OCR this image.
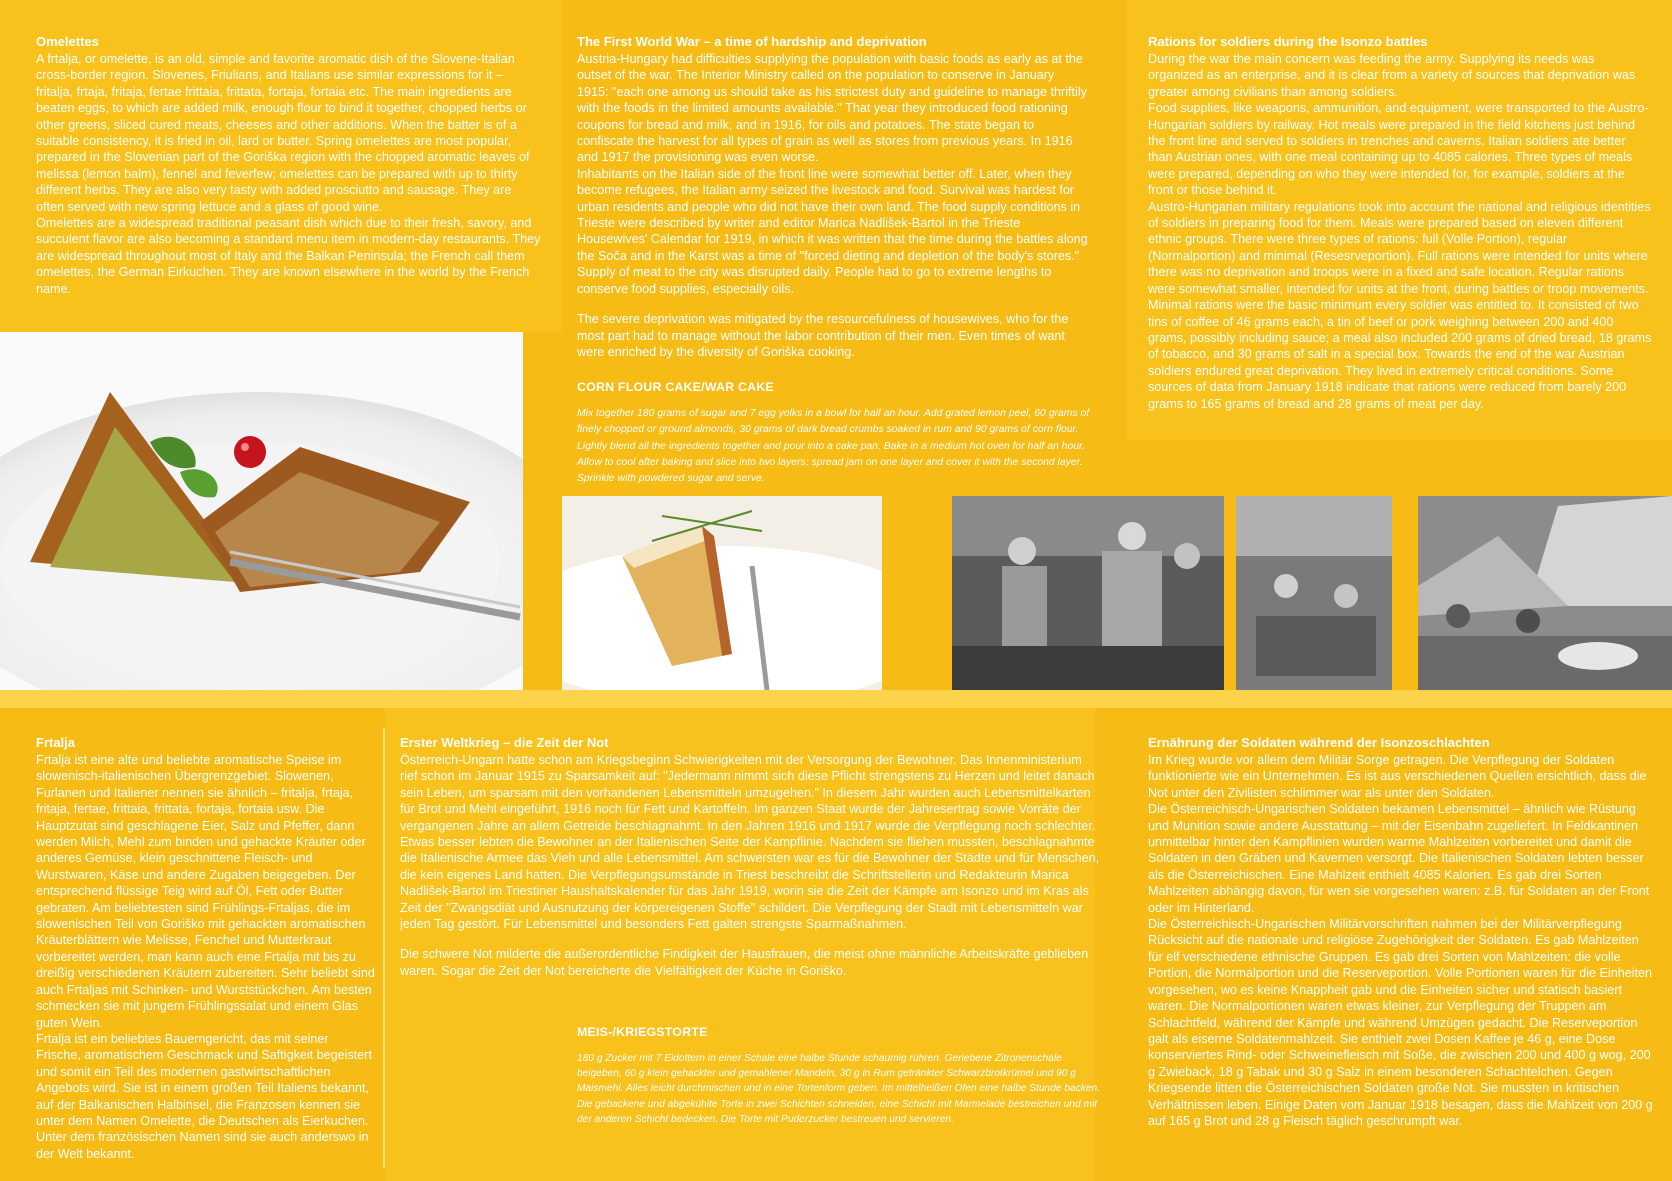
Omelettes

A frtalja, or omelette, is an old, simple and favorite aromatic dish of the Slovene-Italian cross-border region. Slovenes, Friulians, and Italians use similar expressions for it – fritalja, frtaja, fritaja, fertae frittaia, frittata, fortaja, fortaia etc. The main ingredients are beaten eggs, to which are added milk, enough flour to bind it together, chopped herbs or other greens, sliced cured meats, cheeses and other additions. When the batter is of a suitable consistency, it is fried in oil, lard or butter. Spring omelettes are most popular, prepared in the Slovenian part of the Goriška region with the chopped aromatic leaves of melissa (lemon balm), fennel and feverfew; omelettes can be prepared with up to thirty different herbs. They are also very tasty with added prosciutto and sausage. They are often served with new spring lettuce and a glass of good wine.

Omelettes are a widespread traditional peasant dish which due to their fresh, savory, and succulent flavor are also becoming a standard menu item in modern-day restaurants. They are widespread throughout most of Italy and the Balkan Peninsula; the French call them omelettes, the German Eirkuchen. They are known elsewhere in the world by the French name.

The First World War – a time of hardship and deprivation

Austria-Hungary had difficulties supplying the population with basic foods as early as at the outset of the war. The Interior Ministry called on the population to conserve in January 1915: "each one among us should take as his strictest duty and guideline to manage thriftily with the foods in the limited amounts available." That year they introduced food rationing coupons for bread and milk, and in 1916, for oils and potatoes. The state began to confiscate the harvest for all types of grain as well as stores from previous years. In 1916 and 1917 the provisioning was even worse.

Inhabitants on the Italian side of the front line were somewhat better off. Later, when they become refugees, the Italian army seized the livestock and food. Survival was hardest for urban residents and people who did not have their own land. The food supply conditions in Trieste were described by writer and editor Marica Nadlišek-Bartol in the Trieste Housewives' Calendar for 1919, in which it was written that the time during the battles along the Soča and in the Karst was a time of "forced dieting and depletion of the body's stores." Supply of meat to the city was disrupted daily. People had to go to extreme lengths to conserve food supplies, especially oils.

The severe deprivation was mitigated by the resourcefulness of housewives, who for the most part had to manage without the labor contribution of their men. Even times of want were enriched by the diversity of Goriška cooking.

CORN FLOUR CAKE/WAR CAKE

Mix together 180 grams of sugar and 7 egg yolks in a bowl for half an hour. Add grated lemon peel, 60 grams of finely chopped or ground almonds, 30 grams of dark bread crumbs soaked in rum and 90 grams of corn flour. Lightly blend all the ingredients together and pour into a cake pan. Bake in a medium hot oven for half an hour. Allow to cool after baking and slice into two layers; spread jam on one layer and cover it with the second layer. Sprinkle with powdered sugar and serve.

Rations for soldiers during the Isonzo battles

During the war the main concern was feeding the army. Supplying its needs was organized as an enterprise, and it is clear from a variety of sources that deprivation was greater among civilians than among soldiers.

Food supplies, like weapons, ammunition, and equipment, were transported to the Austro-Hungarian soldiers by railway. Hot meals were prepared in the field kitchens just behind the front line and served to soldiers in trenches and caverns. Italian soldiers ate better than Austrian ones, with one meal containing up to 4085 calories. Three types of meals were prepared, depending on who they were intended for, for example, soldiers at the front or those behind it.

Austro-Hungarian military regulations took into account the national and religious identities of soldiers in preparing food for them. Meals were prepared based on eleven different ethnic groups. There were three types of rations: full (Volle Portion), regular (Normalportion) and minimal (Resesrveportion). Full rations were intended for units where there was no deprivation and troops were in a fixed and safe location. Regular rations were somewhat smaller, intended for units at the front, during battles or troop movements. Minimal rations were the basic minimum every soldier was entitled to. It consisted of two tins of coffee of 46 grams each, a tin of beef or pork weighing between 200 and 400 grams, possibly including sauce; a meal also included 200 grams of dried bread, 18 grams of tobacco, and 30 grams of salt in a special box. Towards the end of the war Austrian soldiers endured great deprivation. They lived in extremely critical conditions. Some sources of data from January 1918 indicate that rations were reduced from barely 200 grams to 165 grams of bread and 28 grams of meat per day.

Frtalja

Frtalja ist eine alte und beliebte aromatische Speise im slowenisch-italienischen Übergrenzgebiet. Slowenen, Furlanen und Italiener nennen sie ähnlich – fritalja, frtaja, fritaja, fertae, frittaia, frittata, fortaja, fortaia usw. Die Hauptzutat sind geschlagene Eier, Salz und Pfeffer, dann werden Milch, Mehl zum binden und gehackte Kräuter oder anderes Gemüse, klein geschnittene Fleisch- und Wurstwaren, Käse und andere Zugaben beigegeben. Der entsprechend flüssige Teig wird auf Öl, Fett oder Butter gebraten. Am beliebtesten sind Frühlings-Frtaljas, die im slowenischen Teil von Goriško mit gehackten aromatischen Kräuterblättern wie Melisse, Fenchel und Mutterkraut vorbereitet werden, man kann auch eine Frtalja mit bis zu dreißig verschiedenen Kräutern zubereiten. Sehr beliebt sind auch Frtaljas mit Schinken- und Wurststückchen. Am besten schmecken sie mit jungem Frühlingssalat und einem Glas guten Wein.

Frtalja ist ein beliebtes Bauerngericht, das mit seiner Frische, aromatischem Geschmack und Saftigkeit begeistert und somit ein Teil des modernen gastwirtschaftlichen Angebots wird. Sie ist in einem großen Teil Italiens bekannt, auf der Balkanischen Halbinsel, die Franzosen kennen sie unter dem Namen Omelette, die Deutschen als Eierkuchen. Unter dem französischen Namen sind sie auch anderswo in der Welt bekannt.

Erster Weltkrieg – die Zeit der Not

Österreich-Ungarn hatte schon am Kriegsbeginn Schwierigkeiten mit der Versorgung der Bewohner. Das Innenministerium rief schon im Januar 1915 zu Sparsamkeit auf: "Jedermann nimmt sich diese Pflicht strengstens zu Herzen und leitet danach sein Leben, um sparsam mit den vorhandenen Lebensmitteln umzugehen." In diesem Jahr wurden auch Lebensmittelkarten für Brot und Mehl eingeführt, 1916 noch für Fett und Kartoffeln. Im ganzen Staat wurde der Jahresertrag sowie Vorräte der vergangenen Jahre an allem Getreide beschlagnahmt. In den Jahren 1916 und 1917 wurde die Verpflegung noch schlechter.

Etwas besser lebten die Bewohner an der Italienischen Seite der Kampflinie. Nachdem sie fliehen mussten, beschlagnahmte die Italienische Armee das Vieh und alle Lebensmittel. Am schwersten war es für die Bewohner der Städte und für Menschen, die kein eigenes Land hatten. Die Verpflegungsumstände in Triest beschreibt die Schriftstellerin und Redakteurin Marica Nadlišek-Bartol im Triestiner Haushaltskalender für das Jahr 1919, worin sie die Zeit der Kämpfe am Isonzo und im Kras als Zeit der "Zwangsdiät und Ausnutzung der körpereigenen Stoffe" schildert. Die Verpflegung der Stadt mit Lebensmitteln war jeden Tag gestört. Für Lebensmittel und besonders Fett galten strengste Sparmaßnahmen.

Die schwere Not milderte die außerordentliche Findigkeit der Hausfrauen, die meist ohne männliche Arbeitskräfte geblieben waren. Sogar die Zeit der Not bereicherte die Vielfältigkeit der Küche in Goriško.

MEIS-/KRIEGSTORTE

180 g Zucker mit 7 Eidottern in einer Schale eine halbe Stunde schaumig rühren. Geriebene Zitronenschale beigeben, 60 g klein gehackter und gemahlener Mandeln, 30 g in Rum getränkter Schwarzbrotkrümel und 90 g Maismehl. Alles leicht durchmischen und in eine Tortenform geben. Im mittelheißen Ofen eine halbe Stunde backen. Die gebackene und abgekühlte Torte in zwei Schichten schneiden, eine Schicht mit Marmelade bestreichen und mit der anderen Schicht bedecken. Die Torte mit Puderzucker bestreuen und servieren.

Ernährung der Soldaten während der Isonzoschlachten

Im Krieg wurde vor allem dem Militär Sorge getragen. Die Verpflegung der Soldaten funktionierte wie ein Unternehmen. Es ist aus verschiedenen Quellen ersichtlich, dass die Not unter den Zivilisten schlimmer war als unter den Soldaten.

Die Österreichisch-Ungarischen Soldaten bekamen Lebensmittel – ähnlich wie Rüstung und Munition sowie andere Ausstattung – mit der Eisenbahn zugeliefert. In Feldkantinen unmittelbar hinter den Kampflinien wurden warme Mahlzeiten vorbereitet und damit die Soldaten in den Gräben und Kavernen versorgt. Die Italienischen Soldaten lebten besser als die Österreichischen. Eine Mahlzeit enthielt 4085 Kalorien. Es gab drei Sorten Mahlzeiten abhängig davon, für wen sie vorgesehen waren: z.B. für Soldaten an der Front oder im Hinterland.

Die Österreichisch-Ungarischen Militärvorschriften nahmen bei der Militärverpflegung Rücksicht auf die nationale und religiöse Zugehörigkeit der Soldaten. Es gab Mahlzeiten für elf verschiedene ethnische Gruppen. Es gab drei Sorten von Mahlzeiten: die volle Portion, die Normalportion und die Reserveportion. Volle Portionen waren für die Einheiten vorgesehen, wo es keine Knappheit gab und die Einheiten sicher und statisch basiert waren. Die Normalportionen waren etwas kleiner, zur Verpflegung der Truppen am Schlachtfeld, während der Kämpfe und während Umzügen gedacht. Die Reserveportion galt als eiserne Soldatenmahlzeit. Sie enthielt zwei Dosen Kaffee je 46 g, eine Dose konserviertes Rind- oder Schweinefleisch mit Soße, die zwischen 200 und 400 g wog, 200 g Zwieback, 18 g Tabak und 30 g Salz in einem besonderen Schachtelchen. Gegen Kriegsende litten die Österreichischen Soldaten große Not. Sie mussten in kritischen Verhältnissen leben. Einige Daten vom Januar 1918 besagen, dass die Mahlzeit von 200 g auf 165 g Brot und 28 g Fleisch täglich geschrumpft war.
